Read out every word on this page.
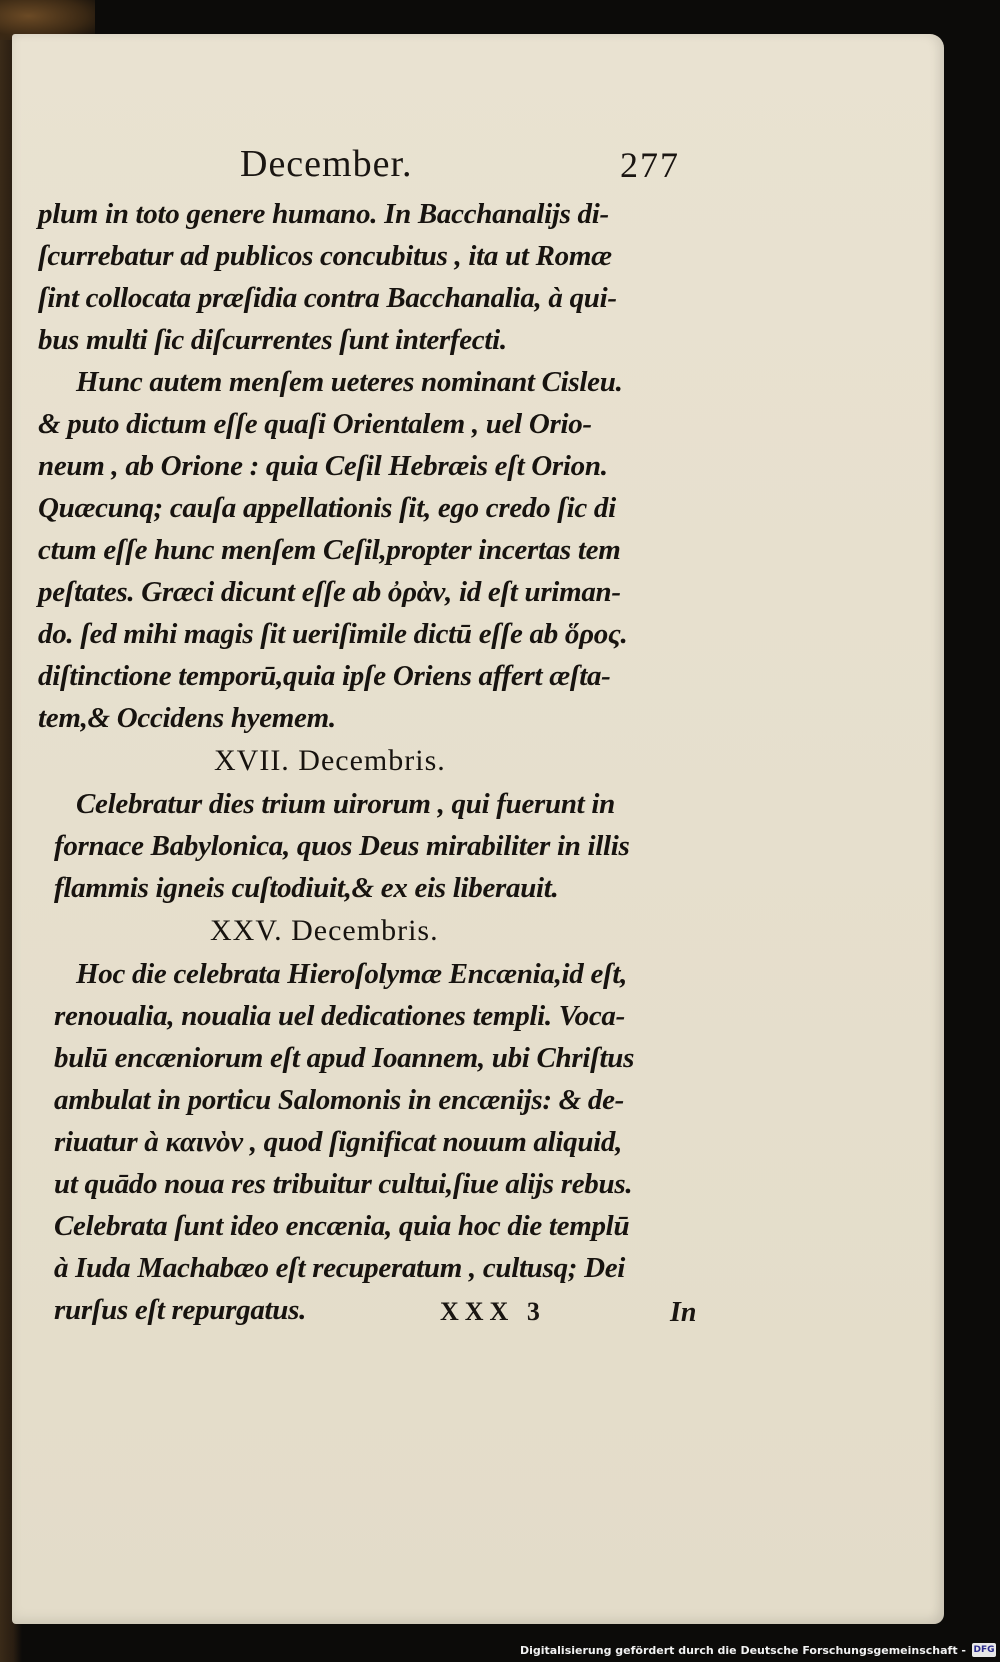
December.	277
plum in toto genere humano. In Bacchanalijs di-
ſcurrebatur ad publicos concubitus , ita ut Romæ
ſint collocata præſidia contra Bacchanalia, à qui-
bus multi ſic diſcurrentes ſunt interfecti.
Hunc autem menſem ueteres nominant Cisleu.
& puto dictum eſſe quaſi Orientalem , uel Orio-
neum , ab Orione : quia Ceſil Hebræis eſt Orion.
Quæcunq; cauſa appellationis ſit, ego credo ſic di
ctum eſſe hunc menſem Ceſil,propter incertas tem
peſtates. Græci dicunt eſſe ab ὀρὰν, id eſt uriman-
do. ſed mihi magis ſit ueriſimile dictū eſſe ab ὅρος.
diſtinctione temporū,quia ipſe Oriens affert æſta-
tem,& Occidens hyemem.
XVII. Decembris.
Celebratur dies trium uirorum , qui fuerunt in
fornace Babylonica, quos Deus mirabiliter in illis
flammis igneis cuſtodiuit,& ex eis liberauit.
XXV. Decembris.
Hoc die celebrata Hieroſolymæ Encænia,id eſt,
renoualia, noualia uel dedicationes templi. Voca-
bulū encæniorum eſt apud Ioannem, ubi Chriſtus
ambulat in porticu Salomonis in encænijs: & de-
riuatur à καινὸν , quod ſignificat nouum aliquid,
ut quādo noua res tribuitur cultui,ſiue alijs rebus.
Celebrata ſunt ideo encænia, quia hoc die templū
à Iuda Machabæo eſt recuperatum , cultusq; Dei
rurſus eſt repurgatus.	XXX 3	In
Digitalisierung gefördert durch die Deutsche Forschungsgemeinschaft - DFG
